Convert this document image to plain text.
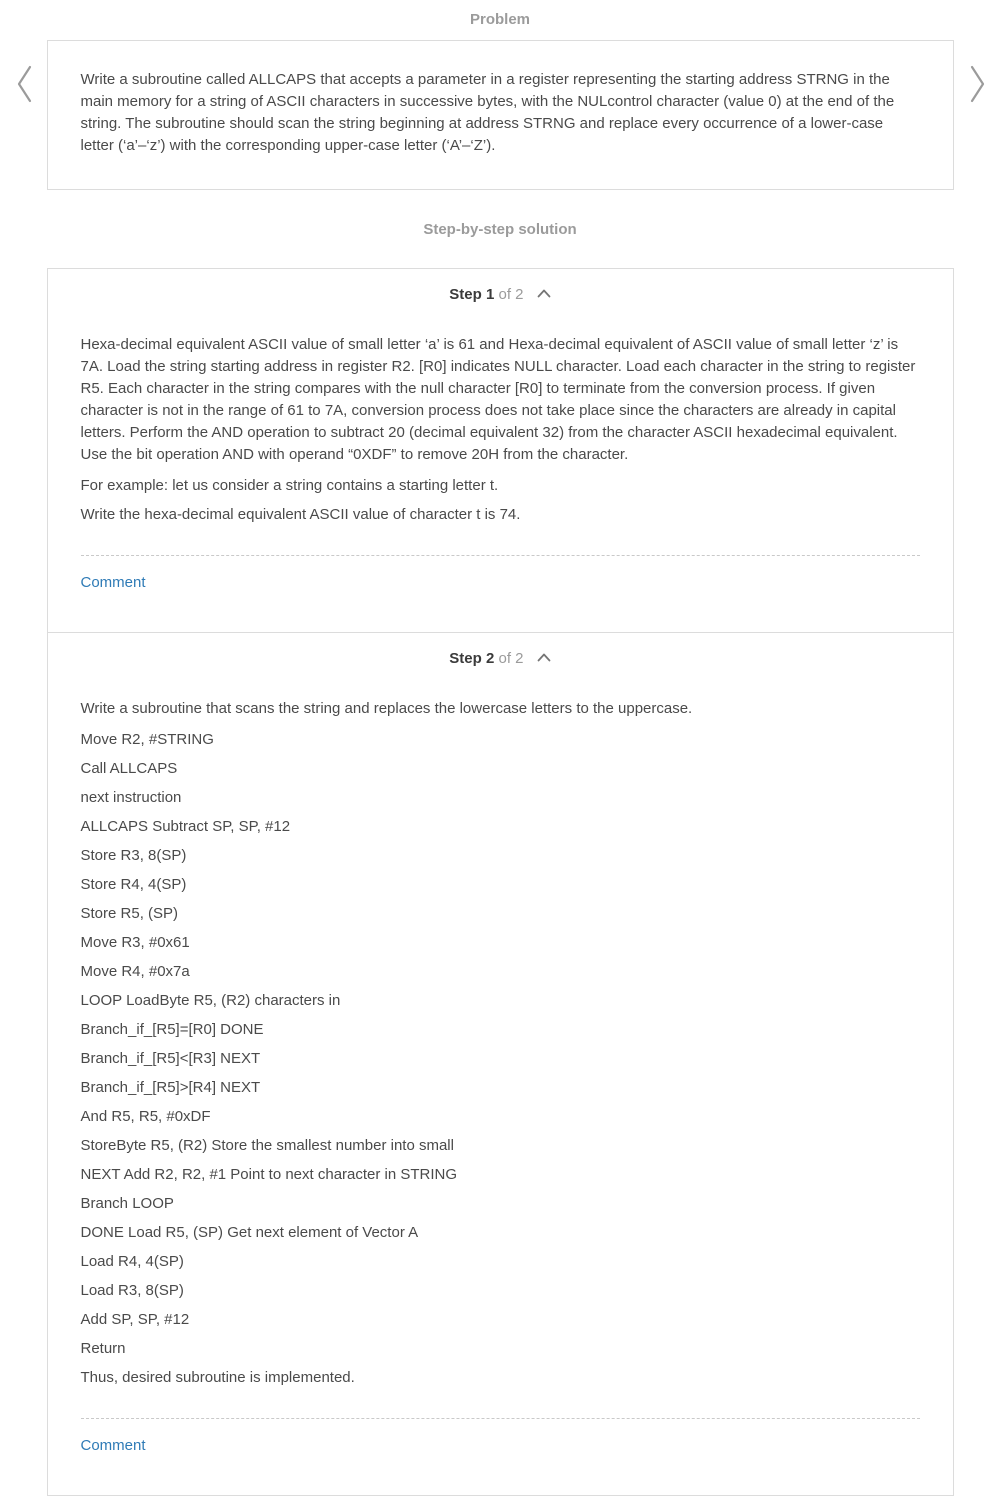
Problem

Write a subroutine called ALLCAPS that accepts a parameter in a register representing the starting address STRNG in the main memory for a string of ASCII characters in successive bytes, with the NULcontrol character (value 0) at the end of the string. The subroutine should scan the string beginning at address STRNG and replace every occurrence of a lower-case letter (‘a’–‘z’) with the corresponding upper-case letter (‘A’–‘Z’).

Step-by-step solution
Step 1 of 2

Hexa-decimal equivalent ASCII value of small letter ‘a’ is 61 and Hexa-decimal equivalent of ASCII value of small letter ‘z’ is 7A. Load the string starting address in register R2. [R0] indicates NULL character. Load each character in the string to register R5. Each character in the string compares with the null character [R0] to terminate from the conversion process. If given character is not in the range of 61 to 7A, conversion process does not take place since the characters are already in capital letters. Perform the AND operation to subtract 20 (decimal equivalent 32) from the character ASCII hexadecimal equivalent. Use the bit operation AND with operand “0XDF” to remove 20H from the character.

For example: let us consider a string contains a starting letter t.

Write the hexa-decimal equivalent ASCII value of character t is 74.

Comment
Step 2 of 2

Write a subroutine that scans the string and replaces the lowercase letters to the uppercase.

Move R2, #STRING

Call ALLCAPS

next instruction

ALLCAPS Subtract SP, SP, #12

Store R3, 8(SP)

Store R4, 4(SP)

Store R5, (SP)

Move R3, #0x61

Move R4, #0x7a

LOOP LoadByte R5, (R2) characters in

Branch_if_[R5]=[R0] DONE

Branch_if_[R5]<[R3] NEXT

Branch_if_[R5]>[R4] NEXT

And R5, R5, #0xDF

StoreByte R5, (R2) Store the smallest number into small

NEXT Add R2, R2, #1 Point to next character in STRING

Branch LOOP

DONE Load R5, (SP) Get next element of Vector A

Load R4, 4(SP)

Load R3, 8(SP)

Add SP, SP, #12

Return

Thus, desired subroutine is implemented.

Comment
